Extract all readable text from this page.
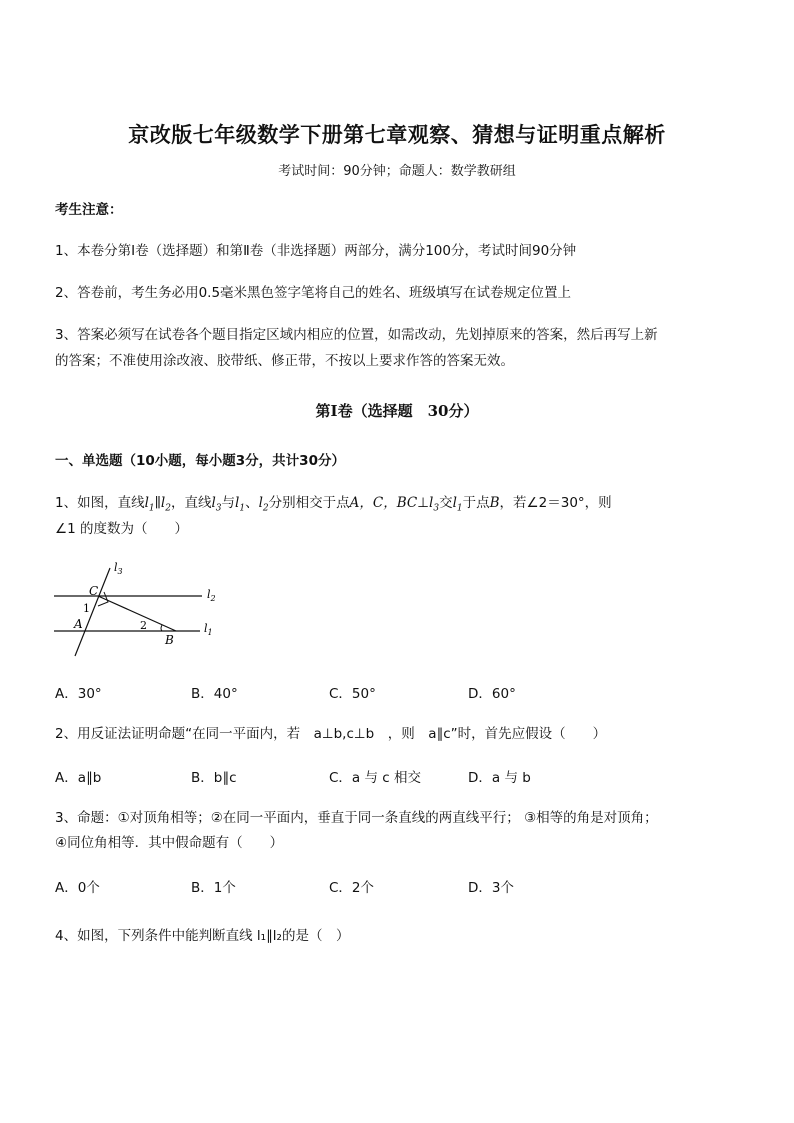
京改版七年级数学下册第七章观察、猜想与证明重点解析
考试时间：90分钟；命题人：数学教研组
考生注意：
1、本卷分第Ⅰ卷（选择题）和第Ⅱ卷（非选择题）两部分，满分100分，考试时间90分钟
2、答卷前，考生务必用0.5毫米黑色签字笔将自己的姓名、班级填写在试卷规定位置上
3、答案必须写在试卷各个题目指定区域内相应的位置，如需改动，先划掉原来的答案，然后再写上新
的答案；不准使用涂改液、胶带纸、修正带，不按以上要求作答的答案无效。
第Ⅰ卷（选择题　30分）
一、单选题（10小题，每小题3分，共计30分）
1、如图，直线$l_1\parallel l_2$，直线$l_3$与$l_1$、$l_2$分别相交于点A，C，$BC\perp l_3$交$l_1$于点B，若∠2＝30°，则
∠1 的度数为（　　）
$l_3$
$l_2$
$l_1$
C
1
A	2
B
A．30°	B．40°	C．50°	D．60°
2、用反证法证明命题“在同一平面内，若　a⊥b,c⊥b　，则　a∥c”时，首先应假设（　　）
A．a∥b	B．b∥c	C．a 与 c 相交	D．a 与 b
3、命题：①对顶角相等；②在同一平面内，垂直于同一条直线的两直线平行； ③相等的角是对顶角；
④同位角相等．其中假命题有（　　）
A．0个	B．1个	C．2个	D．3个
4、如图，下列条件中能判断直线 l₁∥l₂的是（　）
